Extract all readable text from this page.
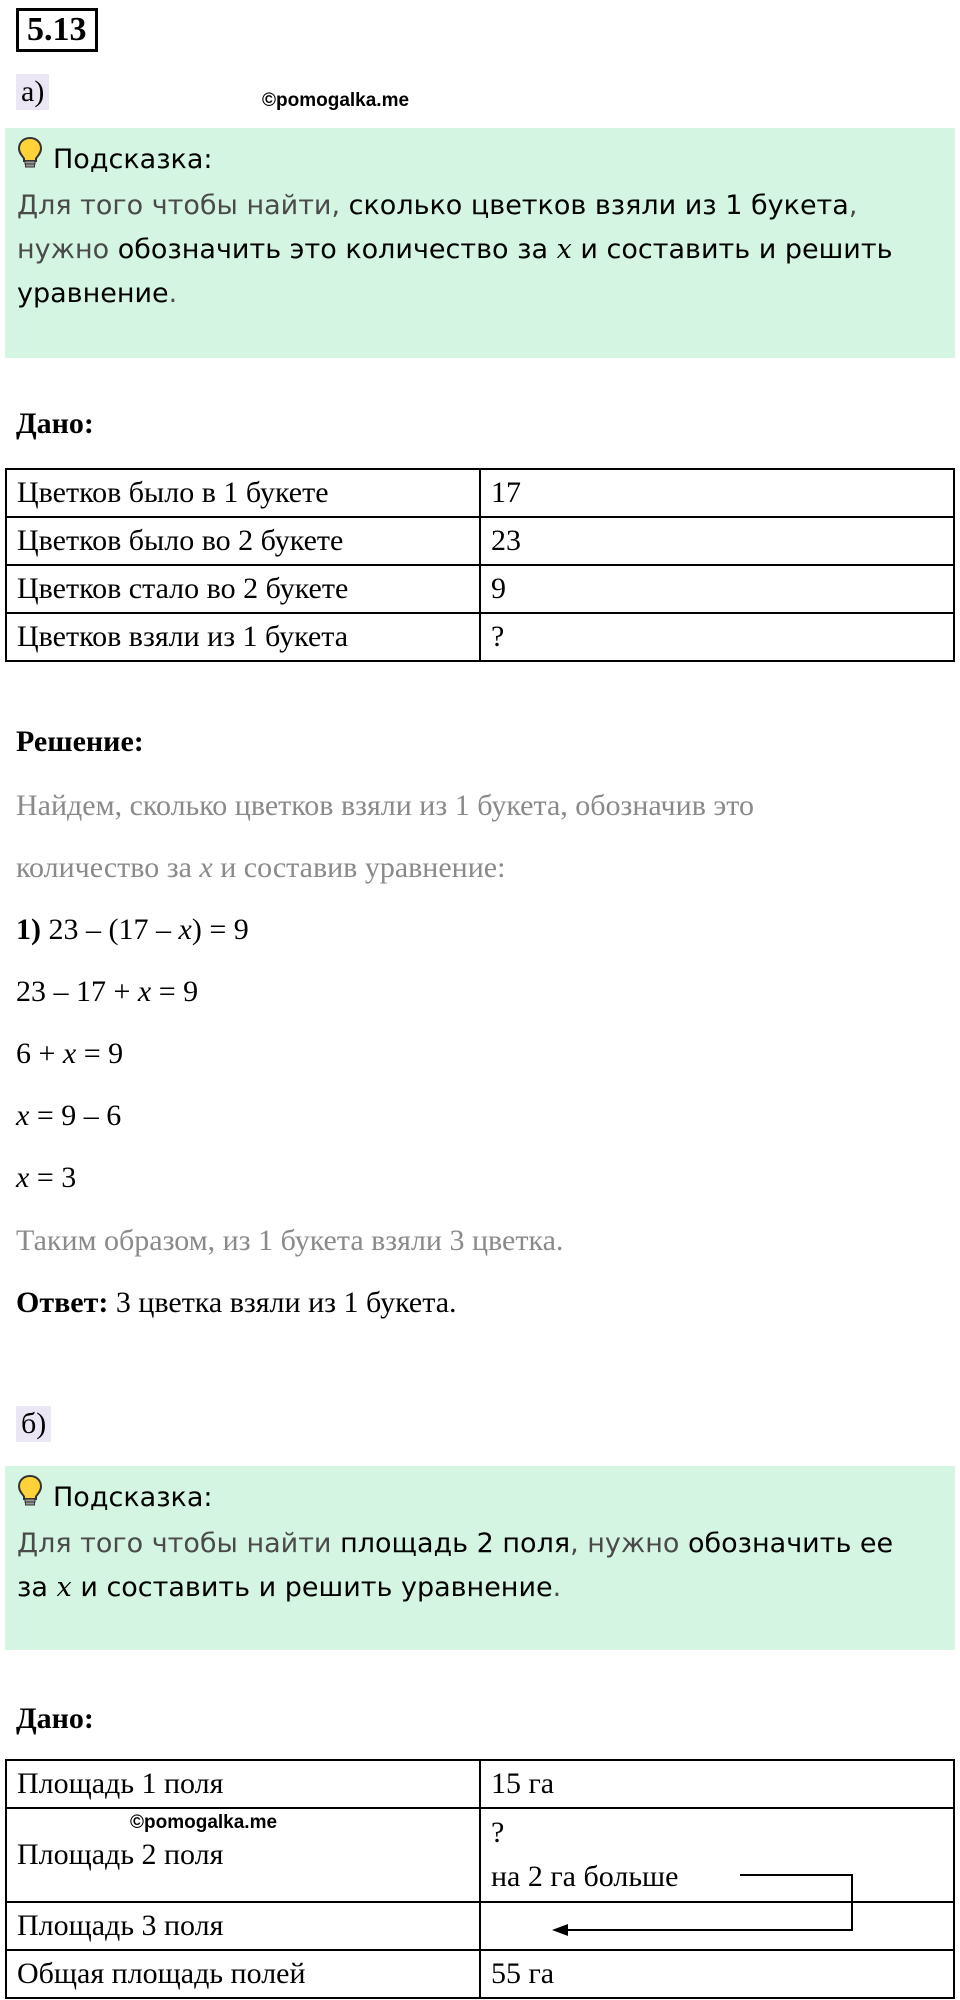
5.13
а)	©pomogalka.me
Подсказка:
Для того чтобы найти, сколько цветков взяли из 1 букета,
нужно обозначить это количество за x и составить и решить
уравнение.
Дано:
Цветков было в 1 букете	17
Цветков было во 2 букете	23
Цветков стало во 2 букете	9
Цветков взяли из 1 букета	?
Решение:
Найдем, сколько цветков взяли из 1 букета, обозначив это
количество за x и составив уравнение:
1) 23 – (17 – x) = 9
23 – 17 + x = 9
6 + x = 9
x = 9 – 6
x = 3
Таким образом, из 1 букета взяли 3 цветка.
Ответ: 3 цветка взяли из 1 букета.
б)
Подсказка:
Для того чтобы найти площадь 2 поля, нужно обозначить ее
за x и составить и решить уравнение.
Дано:
Площадь 1 поля	15 га
Площадь 2 поля	?
на 2 га больше

Площадь 3 поля	
Общая площадь полей	55 га
©pomogalka.me
